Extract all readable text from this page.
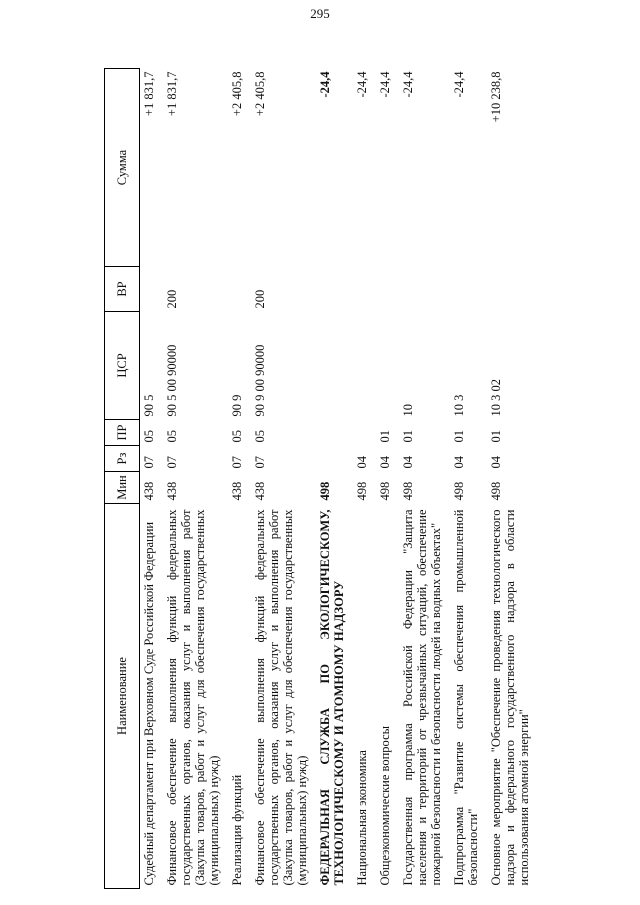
295
Наименование	Мин	Рз	ПР	ЦСР	ВР	Сумма
Судебный департамент при Верховном Суде Российской Федерации	438	07	05	90 5		+1 831,7
Финансовое обеспечение выполнения функций федеральных государственных органов, оказания услуг и выполнения работ (Закупка товаров, работ и услуг для обеспечения государственных (муниципальных) нужд)	438	07	05	90 5 00 90000	200	+1 831,7
Реализация функций	438	07	05	90 9		+2 405,8
Финансовое обеспечение выполнения функций федеральных государственных органов, оказания услуг и выполнения работ (Закупка товаров, работ и услуг для обеспечения государственных (муниципальных) нужд)	438	07	05	90 9 00 90000	200	+2 405,8
ФЕДЕРАЛЬНАЯ СЛУЖБА ПО ЭКОЛОГИЧЕСКОМУ, ТЕХНОЛОГИЧЕСКОМУ И АТОМНОМУ НАДЗОРУ	498					-24,4
Национальная экономика	498	04				-24,4
Общеэкономические вопросы	498	04	01			-24,4
Государственная программа Российской Федерации "Защита населения и территорий от чрезвычайных ситуаций, обеспечение пожарной безопасности и безопасности людей на водных объектах"	498	04	01	10		-24,4
Подпрограмма "Развитие системы обеспечения промышленной безопасности"	498	04	01	10 3		-24,4
Основное мероприятие "Обеспечение проведения технологического надзора и федерального государственного надзора в области использования атомной энергии"	498	04	01	10 3 02		+10 238,8
